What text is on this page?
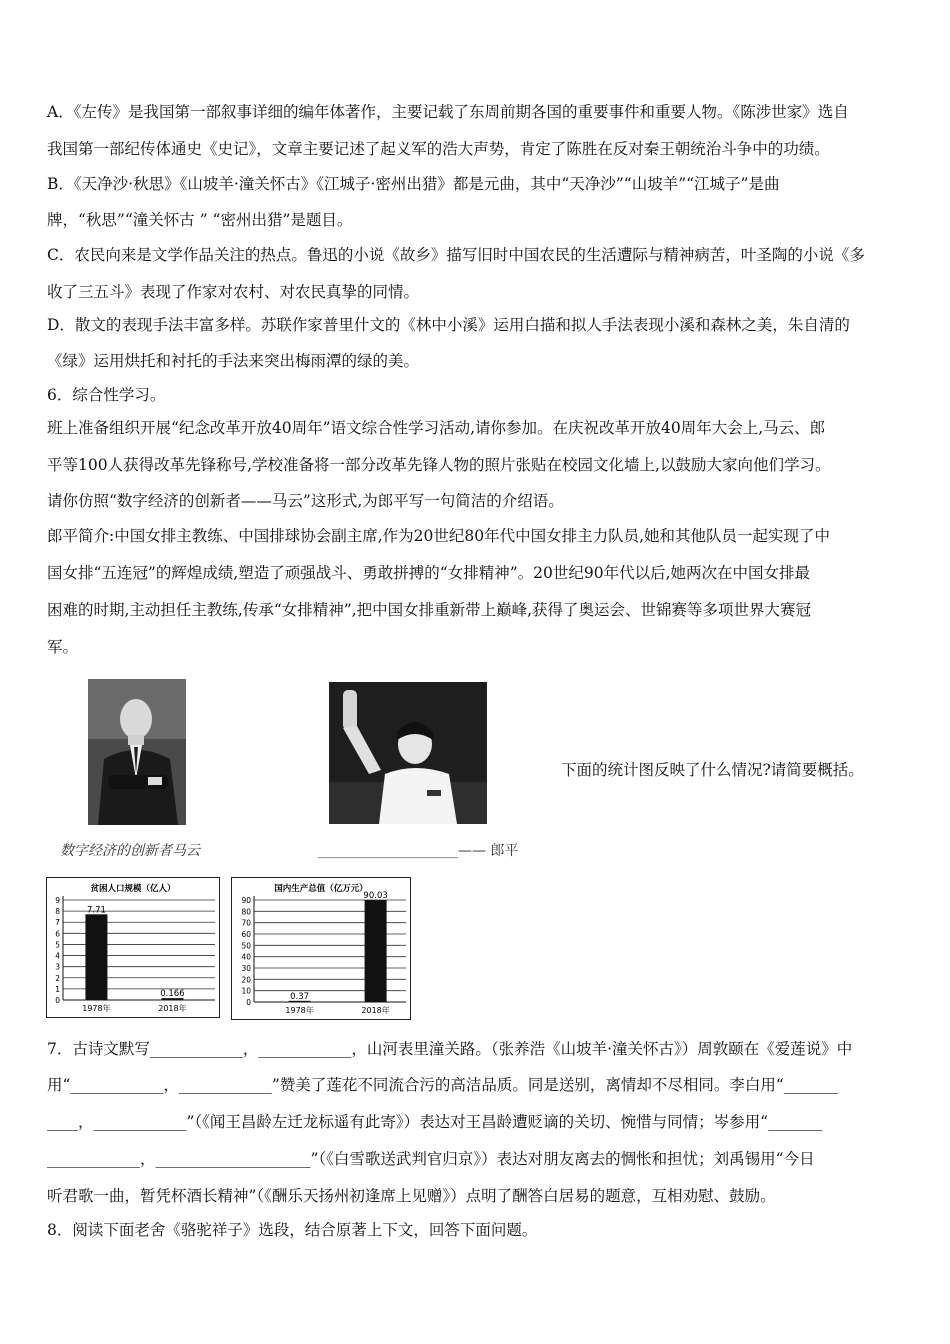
A．《左传》是我国第一部叙事详细的编年体著作，主要记载了东周前期各国的重要事件和重要人物。《陈涉世家》选自
我国第一部纪传体通史《史记》，文章主要记述了起义军的浩大声势，肯定了陈胜在反对秦王朝统治斗争中的功绩。
B．《天净沙·秋思》《山坡羊·潼关怀古》《江城子·密州出猎》都是元曲，其中“天净沙”“山坡羊”“江城子”是曲
牌，“秋思”“潼关怀古 ” “密州出猎”是题目。
C．农民向来是文学作品关注的热点。鲁迅的小说《故乡》描写旧时中国农民的生活遭际与精神病苦，叶圣陶的小说《多
收了三五斗》表现了作家对农村、对农民真挚的同情。
D．散文的表现手法丰富多样。苏联作家普里什文的《林中小溪》运用白描和拟人手法表现小溪和森林之美，朱自清的
《绿》运用烘托和衬托的手法来突出梅雨潭的绿的美。
6．综合性学习。
班上准备组织开展“纪念改革开放40周年”语文综合性学习活动,请你参加。在庆祝改革开放40周年大会上,马云、郎
平等100人获得改革先锋称号,学校准备将一部分改革先锋人物的照片张贴在校园文化墙上,以鼓励大家向他们学习。
请你仿照“数字经济的创新者——马云”这形式,为郎平写一句简洁的介绍语。
郎平简介:中国女排主教练、中国排球协会副主席,作为20世纪80年代中国女排主力队员,她和其他队员一起实现了中
国女排“五连冠”的辉煌成绩,塑造了顽强战斗、勇敢拼搏的“女排精神”。20世纪90年代以后,她两次在中国女排最
困难的时期,主动担任主教练,传承“女排精神”,把中国女排重新带上巅峰,获得了奥运会、世锦赛等多项世界大赛冠
军。
数字经济的创新者马云	____________________—— 郎平
下面的统计图反映了什么情况?请简要概括。
贫困人口规模（亿人）
0
1
2
3
4
5
6
7
8
9
7.71
1978年
0.166
2018年
国内生产总值（亿万元）
0
10
20
30
40
50
60
70
80
90
0.37
1978年
90.03
2018年
7．古诗文默写____________，____________，山河表里潼关路。（张养浩《山坡羊·潼关怀古》）周敦颐在《爱莲说》中
用“____________，____________”赞美了莲花不同流合污的高洁品质。同是送别，离情却不尽相同。李白用“_______
____，____________”（《闻王昌龄左迁龙标遥有此寄》）表达对王昌龄遭贬谪的关切、惋惜与同情；岑参用“_______
____________，____________________”（《白雪歌送武判官归京》）表达对朋友离去的惆怅和担忧；刘禹锡用“今日
听君歌一曲，暂凭杯酒长精神”（《酬乐天扬州初逢席上见赠》）点明了酬答白居易的题意，互相劝慰、鼓励。
8．阅读下面老舍《骆驼祥子》选段，结合原著上下文，回答下面问题。
